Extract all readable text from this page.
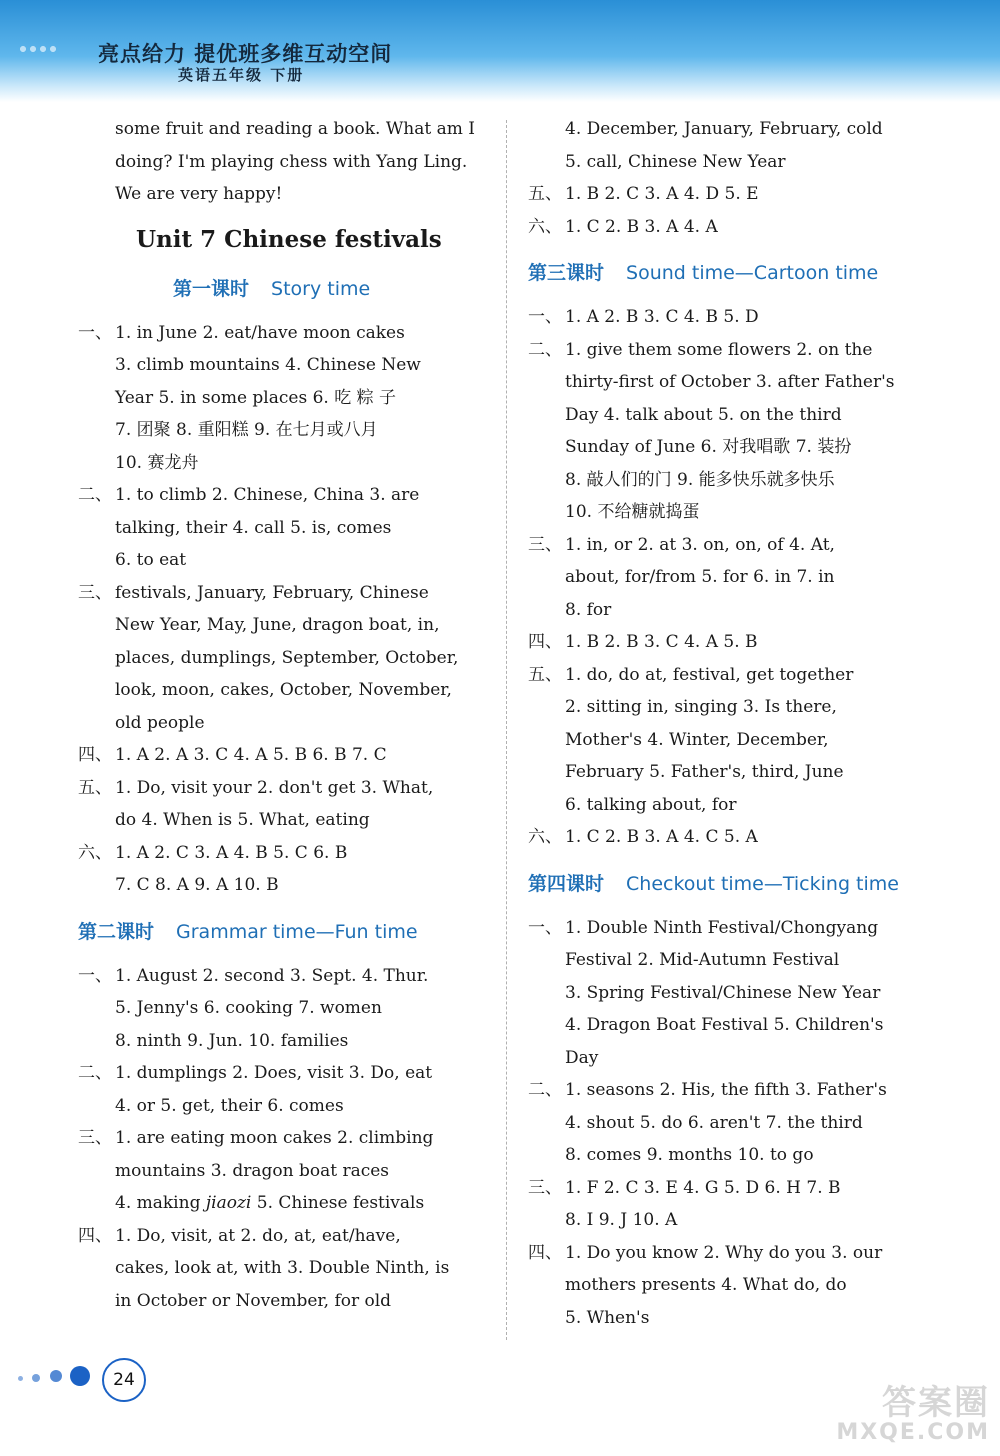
亮点给力 提优班多维互动空间
英语五年级 下册
some fruit and reading a book. What am I
doing? I'm playing chess with Yang Ling.
We are very happy!
Unit 7 Chinese festivals
第一课时 Story time
一、 1. in June 2. eat/have moon cakes
3. climb mountains 4. Chinese New
Year 5. in some places 6. 吃 粽 子
7. 团聚 8. 重阳糕 9. 在七月或八月
10. 赛龙舟
二、 1. to climb 2. Chinese, China 3. are
talking, their 4. call 5. is, comes
6. to eat
三、 festivals, January, February, Chinese
New Year, May, June, dragon boat, in,
places, dumplings, September, October,
look, moon, cakes, October, November,
old people
四、 1. A 2. A 3. C 4. A 5. B 6. B 7. C
五、 1. Do, visit your 2. don't get 3. What,
do 4. When is 5. What, eating
六、 1. A 2. C 3. A 4. B 5. C 6. B
7. C 8. A 9. A 10. B
第二课时 Grammar time—Fun time
一、 1. August 2. second 3. Sept. 4. Thur.
5. Jenny's 6. cooking 7. women
8. ninth 9. Jun. 10. families
二、 1. dumplings 2. Does, visit 3. Do, eat
4. or 5. get, their 6. comes
三、 1. are eating moon cakes 2. climbing
mountains 3. dragon boat races
4. making jiaozi 5. Chinese festivals
四、 1. Do, visit, at 2. do, at, eat/have,
cakes, look at, with 3. Double Ninth, is
in October or November, for old
4. December, January, February, cold
5. call, Chinese New Year
五、 1. B 2. C 3. A 4. D 5. E
六、 1. C 2. B 3. A 4. A
第三课时 Sound time—Cartoon time
一、 1. A 2. B 3. C 4. B 5. D
二、 1. give them some flowers 2. on the
thirty-first of October 3. after Father's
Day 4. talk about 5. on the third
Sunday of June 6. 对我唱歌 7. 装扮
8. 敲人们的门 9. 能多快乐就多快乐
10. 不给糖就捣蛋
三、 1. in, or 2. at 3. on, on, of 4. At,
about, for/from 5. for 6. in 7. in
8. for
四、 1. B 2. B 3. C 4. A 5. B
五、 1. do, do at, festival, get together
2. sitting in, singing 3. Is there,
Mother's 4. Winter, December,
February 5. Father's, third, June
6. talking about, for
六、 1. C 2. B 3. A 4. C 5. A
第四课时 Checkout time—Ticking time
一、 1. Double Ninth Festival/Chongyang
Festival 2. Mid-Autumn Festival
3. Spring Festival/Chinese New Year
4. Dragon Boat Festival 5. Children's
Day
二、 1. seasons 2. His, the fifth 3. Father's
4. shout 5. do 6. aren't 7. the third
8. comes 9. months 10. to go
三、 1. F 2. C 3. E 4. G 5. D 6. H 7. B
8. I 9. J 10. A
四、 1. Do you know 2. Why do you 3. our
mothers presents 4. What do, do
5. When's
24
答案圈
MXQE.COM
